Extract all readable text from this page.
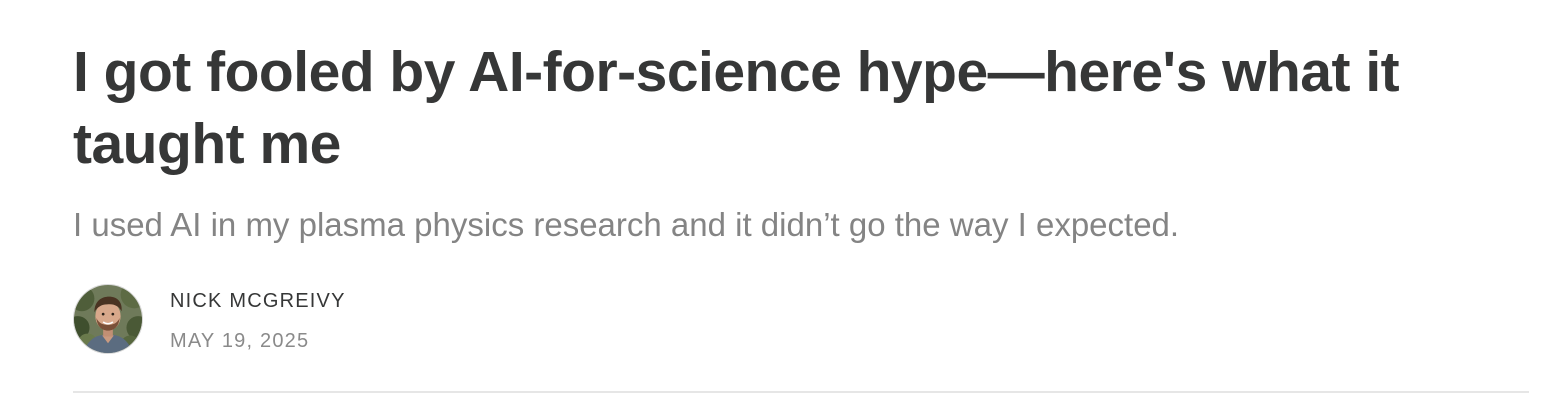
I got fooled by AI-for-science hype—here's what it taught me
I used AI in my plasma physics research and it didn’t go the way I expected.
NICK MCGREIVY
MAY 19, 2025
